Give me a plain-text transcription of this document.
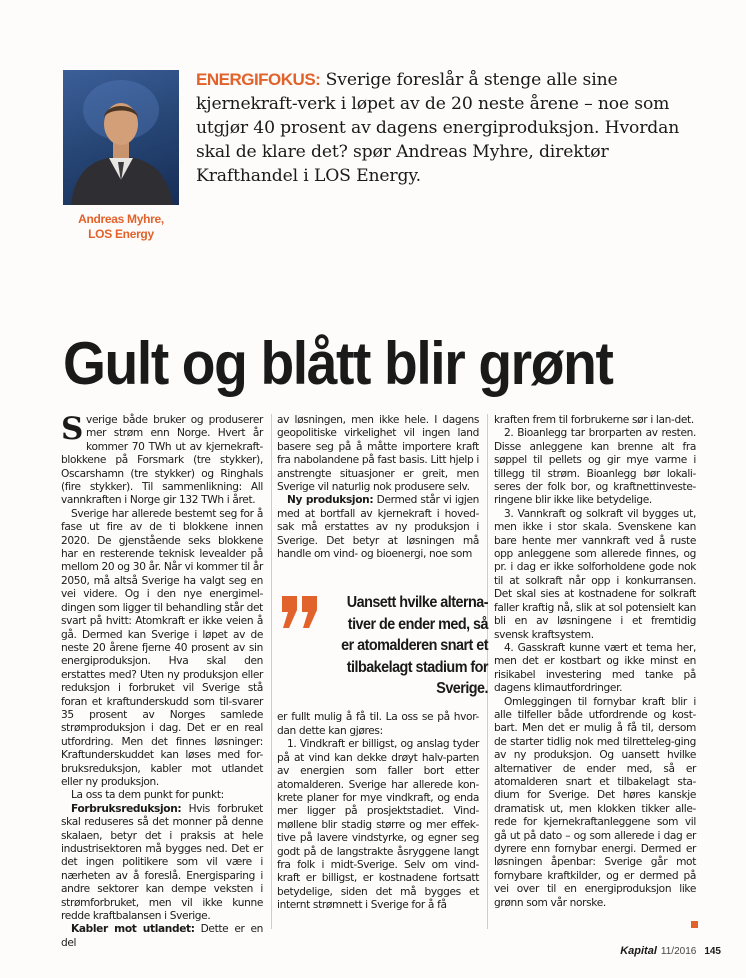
Andreas Myhre,
LOS Energy
ENERGIFOKUS: Sverige foreslår å stenge alle sine kjernekraft-verk i løpet av de 20 neste årene – noe som utgjør 40 prosent av dagens energiproduksjon. Hvordan skal de klare det? spør Andreas Myhre, direktør Krafthandel i LOS Energy.
Gult og blått blir grønt

Sverige både bruker og produserer mer strøm enn Norge. Hvert år kommer 70 TWh ut av kjernekraft-blokkene på Forsmark (tre stykker), Oscarshamn (tre stykker) og Ringhals (fire stykker). Til sammenlikning: All vannkraften i Norge gir 132 TWh i året.

Sverige har allerede bestemt seg for å fase ut fire av de ti blokkene innen 2020. De gjenstående seks blokkene har en resterende teknisk levealder på mellom 20 og 30 år. Når vi kommer til år 2050, må altså Sverige ha valgt seg en vei videre. Og i den nye energimel-dingen som ligger til behandling står det svart på hvitt: Atomkraft er ikke veien å gå. Dermed kan Sverige i løpet av de neste 20 årene fjerne 40 prosent av sin energiproduksjon. Hva skal den erstattes med? Uten ny produksjon eller reduksjon i forbruket vil Sverige stå foran et kraftunderskudd som til-svarer 35 prosent av Norges samlede strømproduksjon i dag. Det er en real utfordring. Men det finnes løsninger: Kraftunderskuddet kan løses med for-bruksreduksjon, kabler mot utlandet eller ny produksjon.

La oss ta dem punkt for punkt:

Forbruksreduksjon: Hvis forbruket skal reduseres så det monner på denne skalaen, betyr det i praksis at hele industrisektoren må bygges ned. Det er det ingen politikere som vil være i nærheten av å foreslå. Energisparing i andre sektorer kan dempe veksten i strømforbruket, men vil ikke kunne redde kraftbalansen i Sverige.

Kabler mot utlandet: Dette er en del

av løsningen, men ikke hele. I dagens geopolitiske virkelighet vil ingen land basere seg på å måtte importere kraft fra nabolandene på fast basis. Litt hjelp i anstrengte situasjoner er greit, men Sverige vil naturlig nok produsere selv.

Ny produksjon: Dermed står vi igjen med at bortfall av kjernekraft i hoved-sak må erstattes av ny produksjon i Sverige. Det betyr at løsningen må handle om vind- og bioenergi, noe som

er fullt mulig å få til. La oss se på hvor-dan dette kan gjøres:

1. Vindkraft er billigst, og anslag tyder på at vind kan dekke drøyt halv-parten av energien som faller bort etter atomalderen. Sverige har allerede kon-krete planer for mye vindkraft, og enda mer ligger på prosjektstadiet. Vind-møllene blir stadig større og mer effek-tive på lavere vindstyrke, og egner seg godt på de langstrakte åsryggene langt fra folk i midt-Sverige. Selv om vind-kraft er billigst, er kostnadene fortsatt betydelige, siden det må bygges et internt strømnett i Sverige for å få

Uansett hvilke alterna-tiver de ender med, så er atomalderen snart et tilbakelagt stadium for Sverige.

kraften frem til forbrukerne sør i lan-det.

2. Bioanlegg tar brorparten av resten. Disse anleggene kan brenne alt fra søppel til pellets og gir mye varme i tillegg til strøm. Bioanlegg bør lokali-seres der folk bor, og kraftnettinveste-ringene blir ikke like betydelige.

3. Vannkraft og solkraft vil bygges ut, men ikke i stor skala. Svenskene kan bare hente mer vannkraft ved å ruste opp anleggene som allerede finnes, og pr. i dag er ikke solforholdene gode nok til at solkraft når opp i konkurransen. Det skal sies at kostnadene for solkraft faller kraftig nå, slik at sol potensielt kan bli en av løsningene i et fremtidig svensk kraftsystem.

4. Gasskraft kunne vært et tema her, men det er kostbart og ikke minst en risikabel investering med tanke på dagens klimautfordringer.

Omleggingen til fornybar kraft blir i alle tilfeller både utfordrende og kost-bart. Men det er mulig å få til, dersom de starter tidlig nok med tilretteleg-ging av ny produksjon. Og uansett hvilke alternativer de ender med, så er atomalderen snart et tilbakelagt sta-dium for Sverige. Det høres kanskje dramatisk ut, men klokken tikker alle-rede for kjernekraftanleggene som vil gå ut på dato – og som allerede i dag er dyrere enn fornybar energi. Dermed er løsningen åpenbar: Sverige går mot fornybare kraftkilder, og er dermed på vei over til en energiproduksjon like grønn som vår norske.

Kapital 11/2016 145
